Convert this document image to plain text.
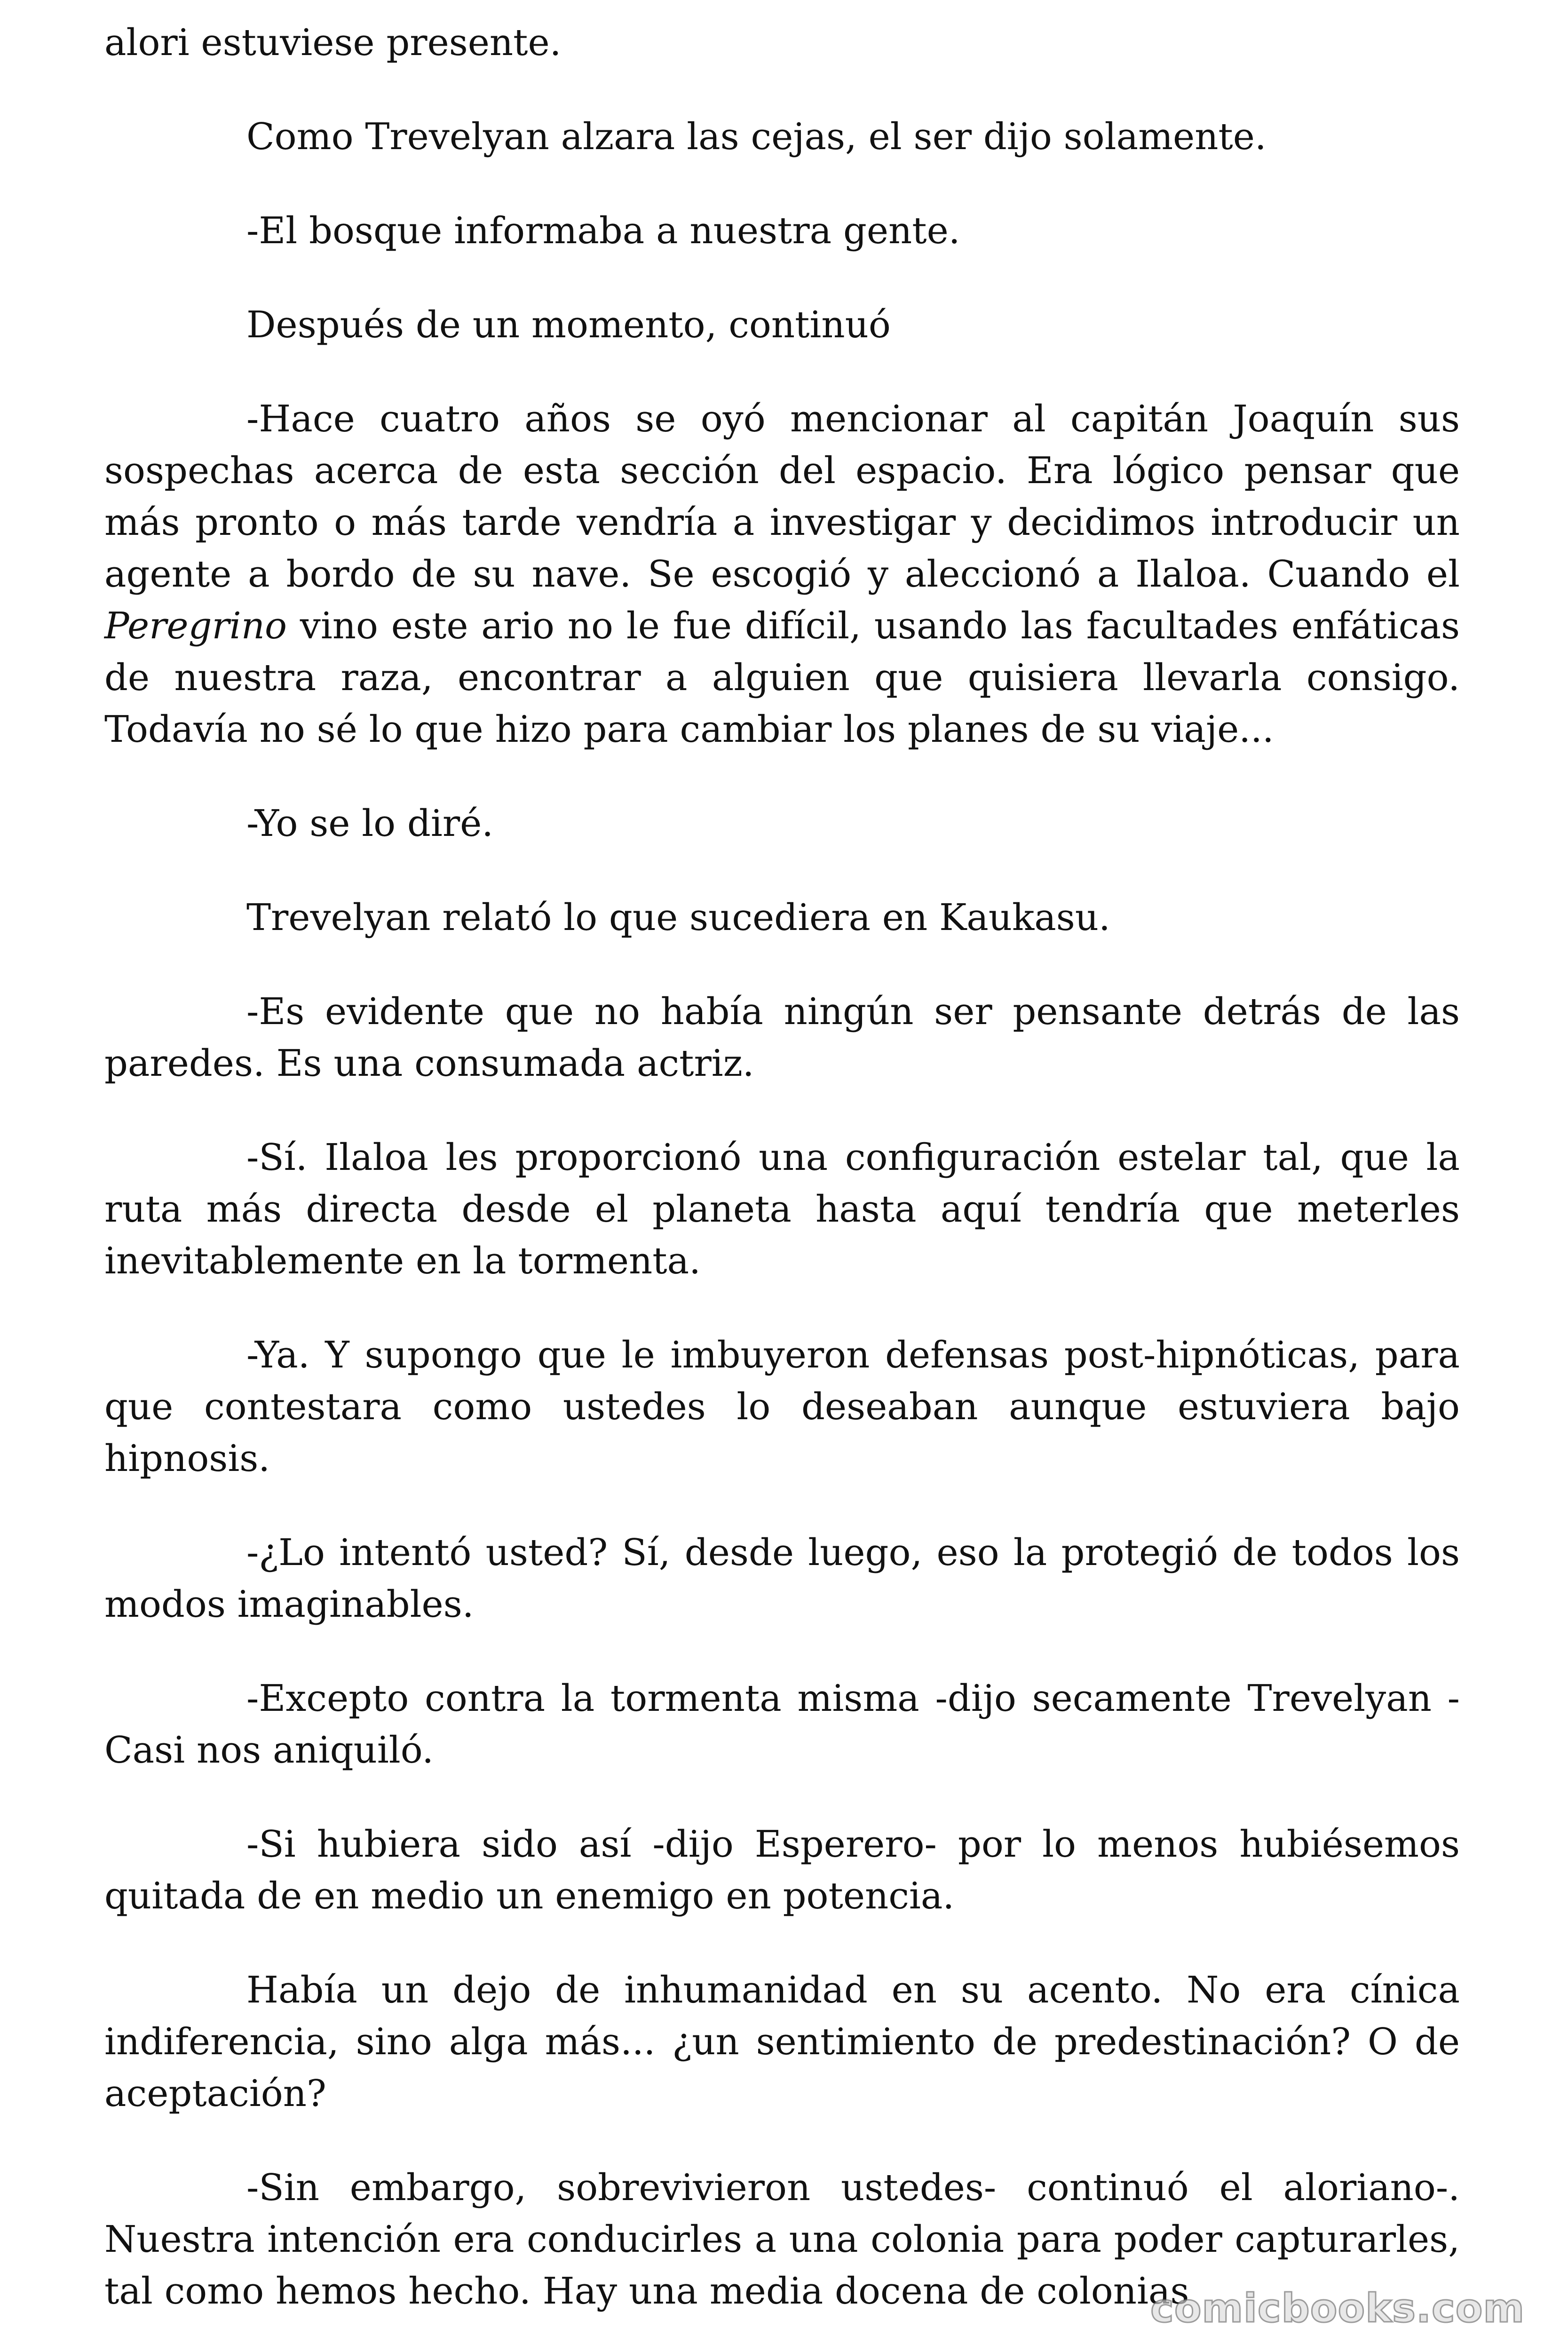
alori estuviese presente.

Como Trevelyan alzara las cejas, el ser dijo solamente.

-El bosque informaba a nuestra gente.

Después de un momento, continuó

-Hace cuatro años se oyó mencionar al capitán Joaquín sus sospechas acerca de esta sección del espacio. Era lógico pensar que más pronto o más tarde vendría a investigar y decidimos introducir un agente a bordo de su nave. Se escogió y aleccionó a Ilaloa. Cuando el Peregrino vino este ario no le fue difícil, usando las facultades enfáticas de nuestra raza, encontrar a alguien que quisiera llevarla consigo. Todavía no sé lo que hizo para cambiar los planes de su viaje...

-Yo se lo diré.

Trevelyan relató lo que sucediera en Kaukasu.

-Es evidente que no había ningún ser pensante detrás de las paredes. Es una consumada actriz.

-Sí. Ilaloa les proporcionó una configuración estelar tal, que la ruta más directa desde el planeta hasta aquí tendría que meterles inevitablemente en la tormenta.

-Ya. Y supongo que le imbuyeron defensas post-hipnóticas, para que contestara como ustedes lo deseaban aunque estuviera bajo hipnosis.

-¿Lo intentó usted? Sí, desde luego, eso la protegió de todos los modos imaginables.

-Excepto contra la tormenta misma -dijo secamente Trevelyan - Casi nos aniquiló.

-Si hubiera sido así -dijo Esperero- por lo menos hubiésemos quitada de en medio un enemigo en potencia.

Había un dejo de inhumanidad en su acento. No era cínica indiferencia, sino alga más... ¿un sentimiento de predestinación? O de aceptación?

-Sin embargo, sobrevivieron ustedes- continuó el aloriano-. Nuestra intención era conducirles a una colonia para poder capturarles, tal como hemos hecho. Hay una media docena de colonias

comicbooks.com
